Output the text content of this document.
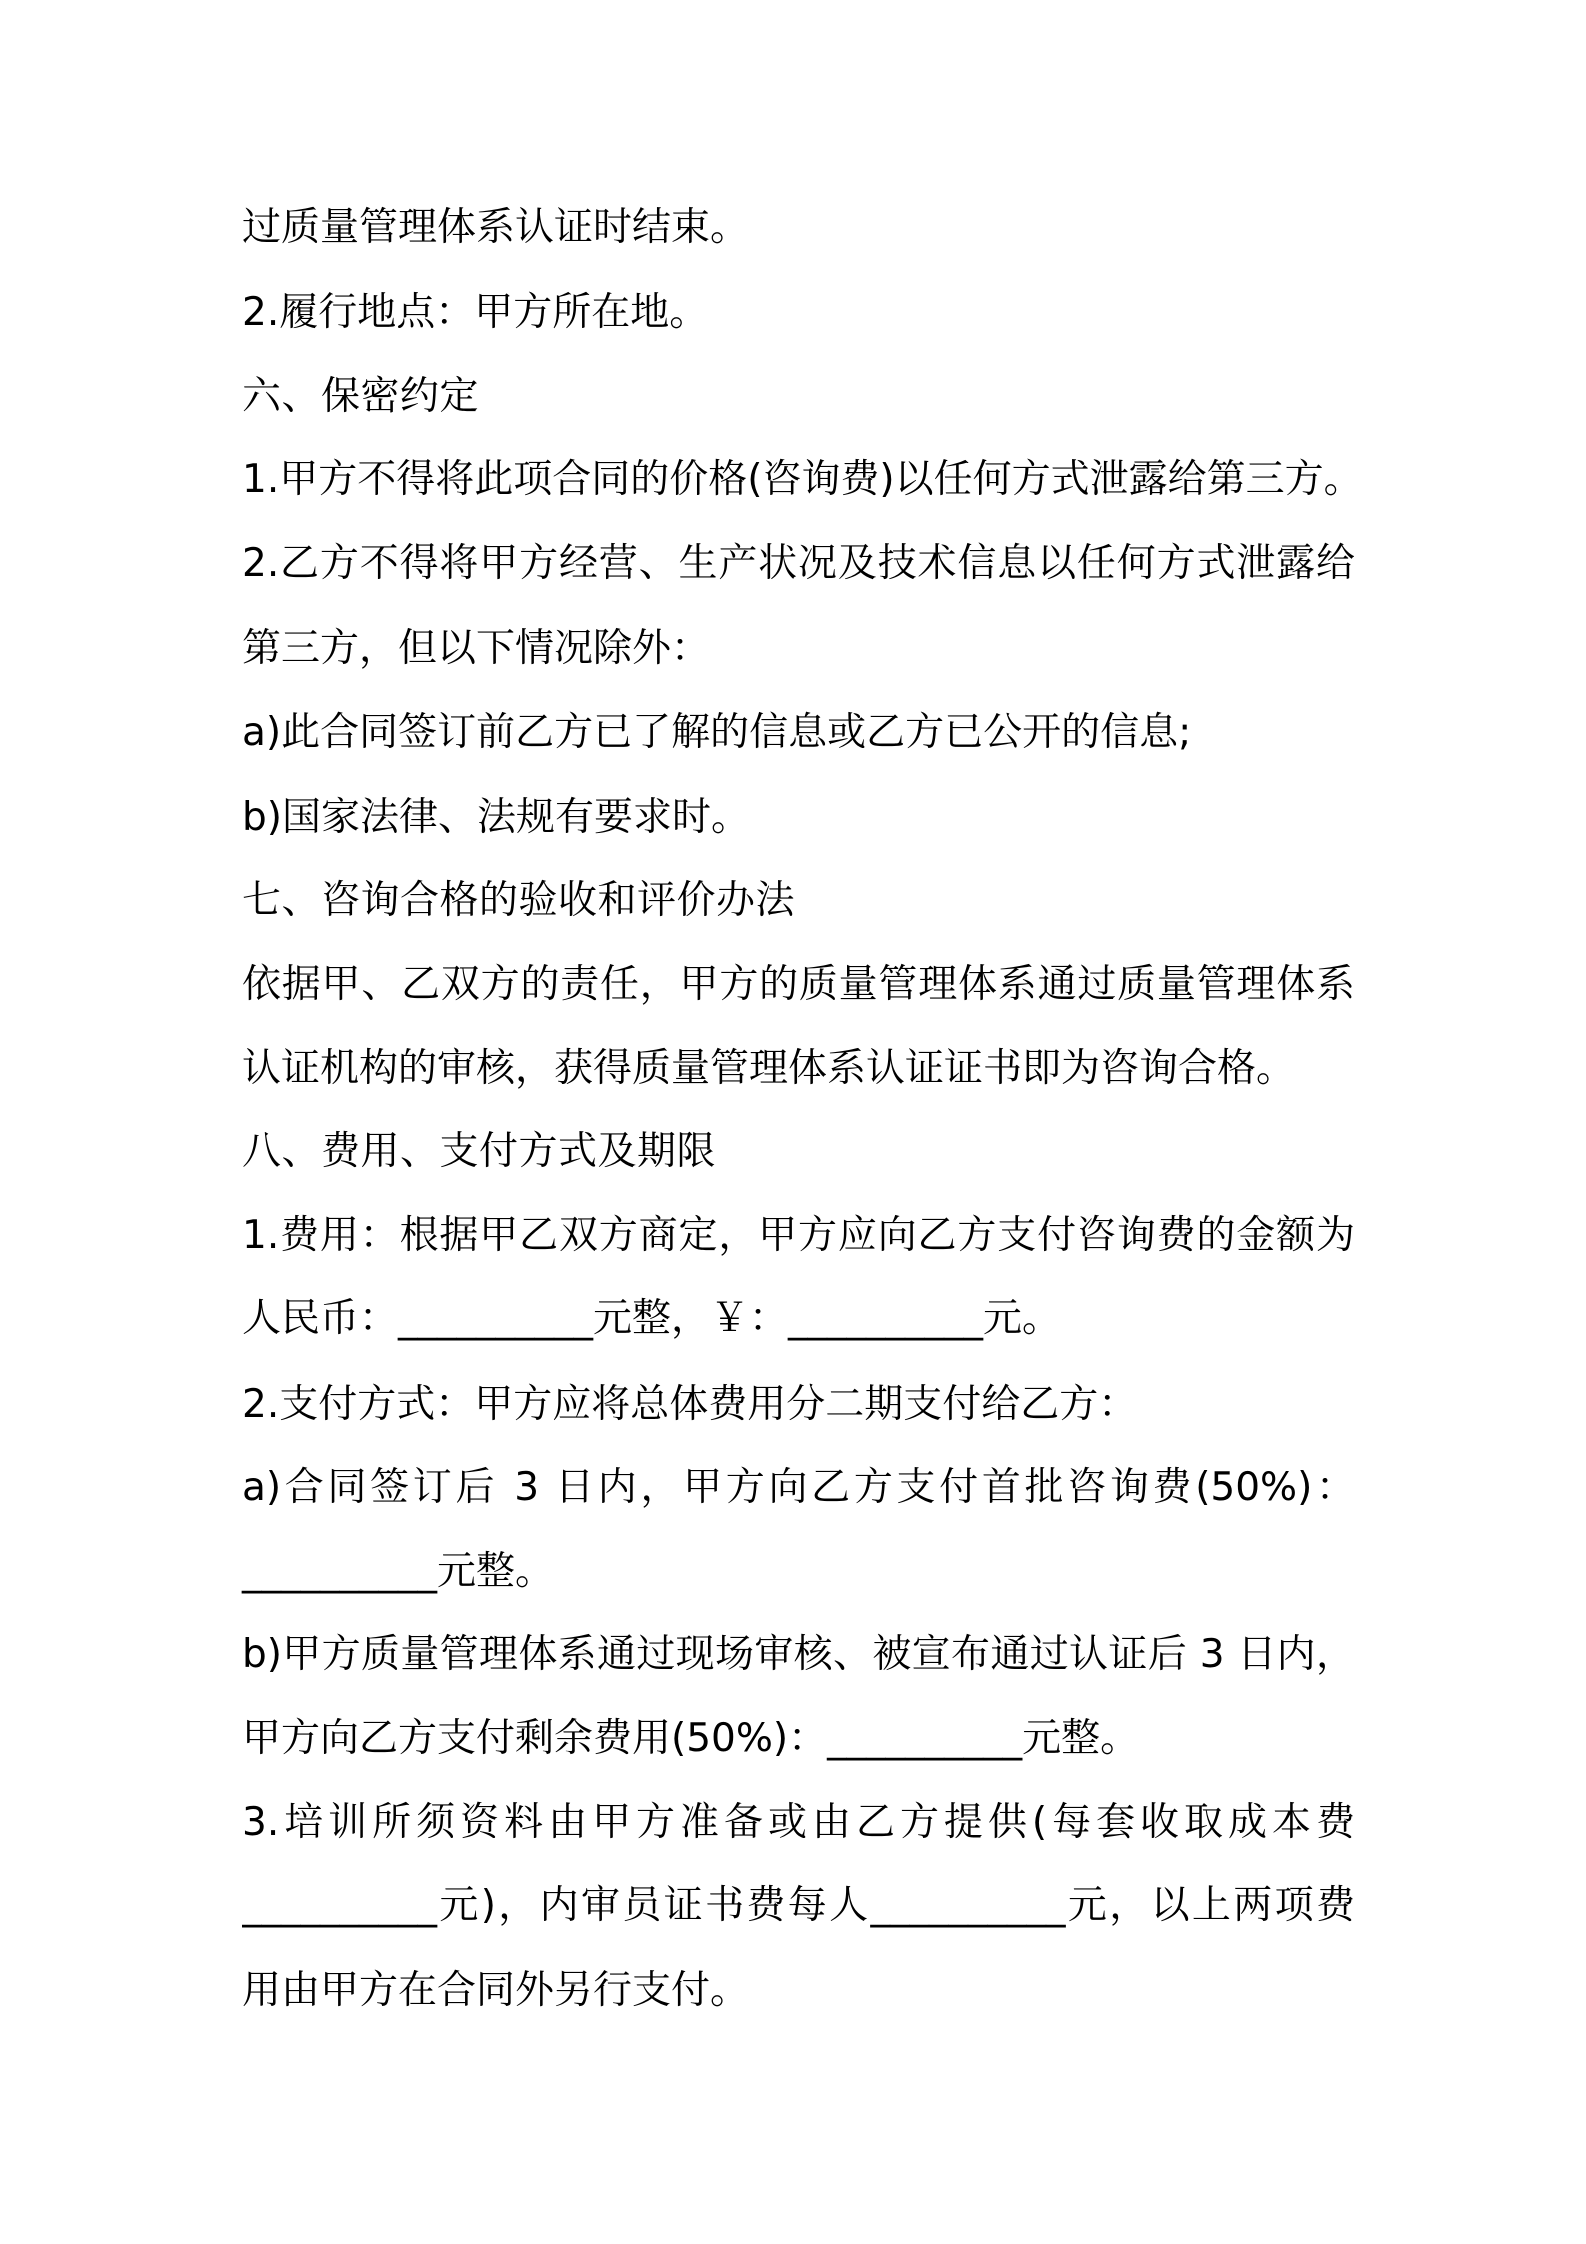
过质量管理体系认证时结束。
2.履行地点：甲方所在地。
六、保密约定
1.甲方不得将此项合同的价格(咨询费)以任何方式泄露给第三方。
2.乙方不得将甲方经营、生产状况及技术信息以任何方式泄露给
第三方，但以下情况除外：
a)此合同签订前乙方已了解的信息或乙方已公开的信息;
b)国家法律、法规有要求时。
七、咨询合格的验收和评价办法
依据甲、乙双方的责任，甲方的质量管理体系通过质量管理体系
认证机构的审核，获得质量管理体系认证证书即为咨询合格。
八、费用、支付方式及期限
1.费用：根据甲乙双方商定，甲方应向乙方支付咨询费的金额为
人民币：__________元整，￥：__________元。
2.支付方式：甲方应将总体费用分二期支付给乙方：
a)合同签订后 3 日内，甲方向乙方支付首批咨询费(50%)：
__________元整。
b)甲方质量管理体系通过现场审核、被宣布通过认证后 3 日内，
甲方向乙方支付剩余费用(50%)：__________元整。
3.培训所须资料由甲方准备或由乙方提供(每套收取成本费
__________元)，内审员证书费每人__________元，以上两项费
用由甲方在合同外另行支付。
